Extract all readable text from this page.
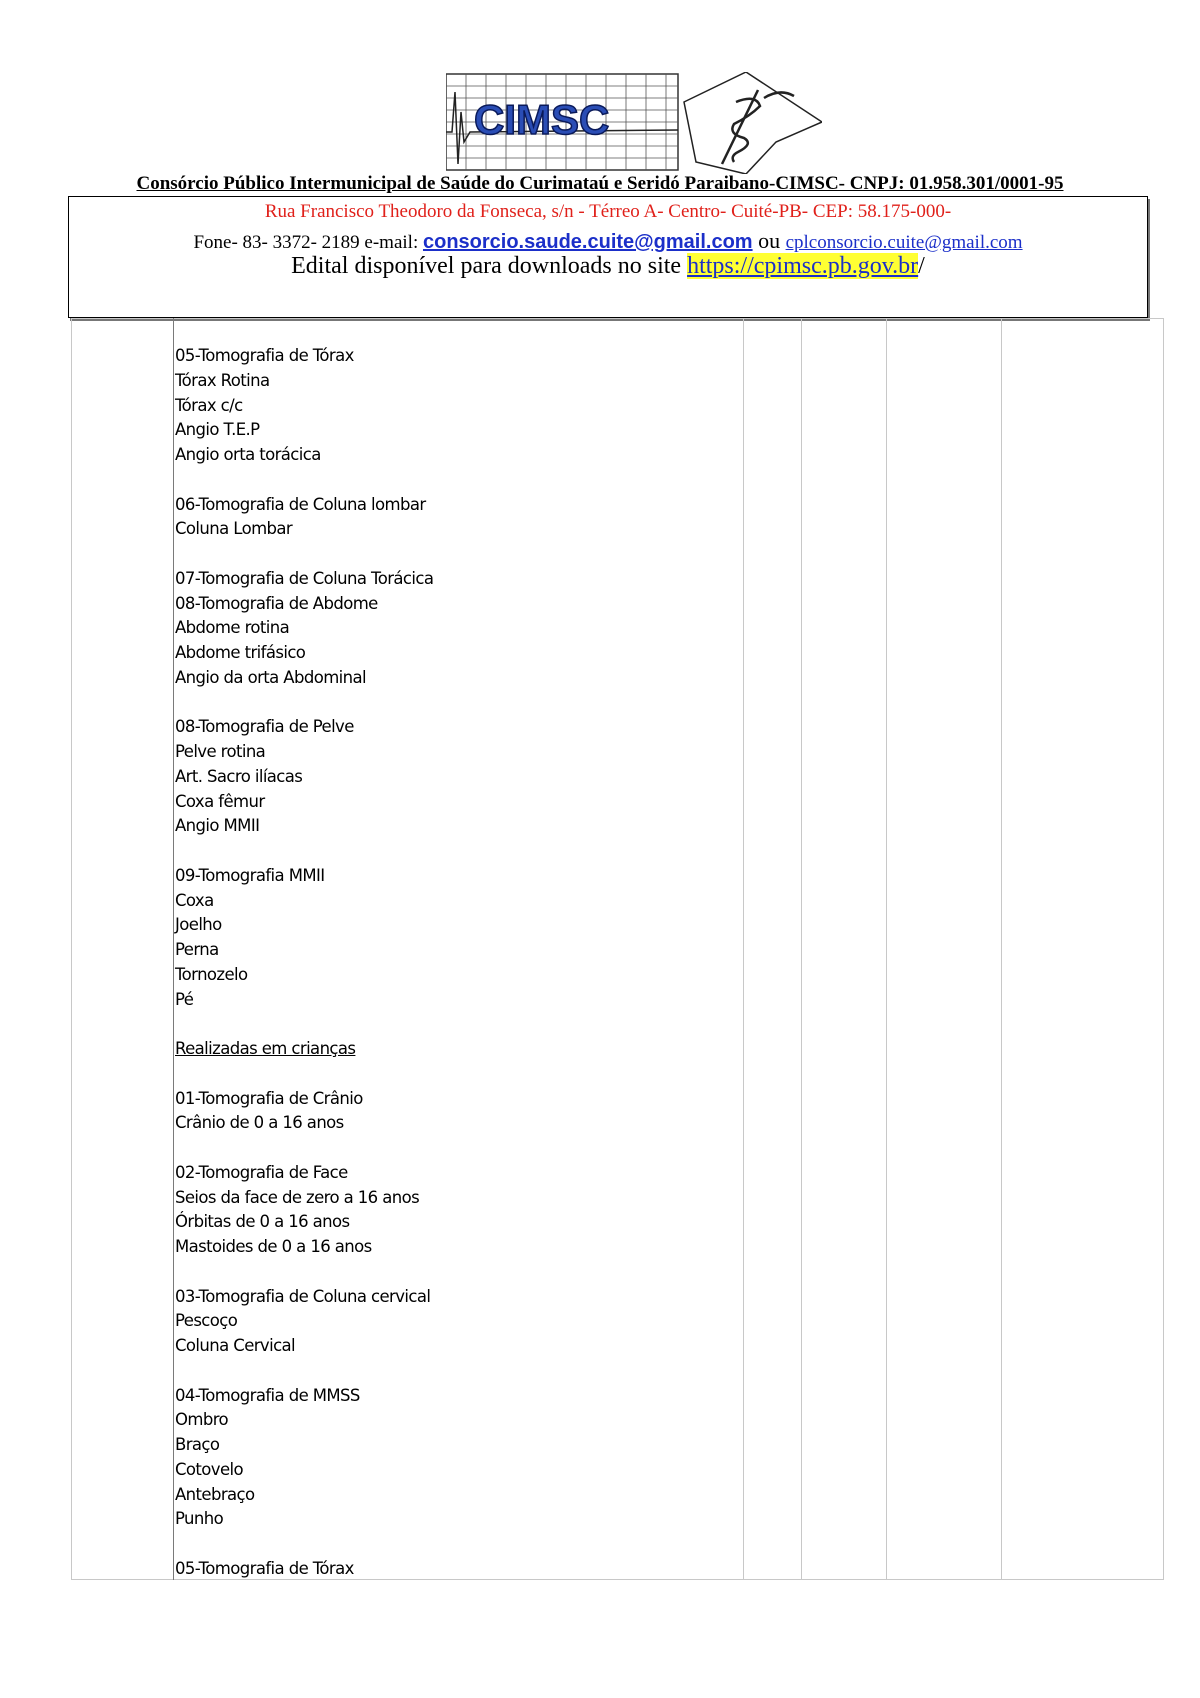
CIMSC
Consórcio Público Intermunicipal de Saúde do Curimataú e Seridó Paraibano-CIMSC- CNPJ: 01.958.301/0001-95
Rua Francisco Theodoro da Fonseca, s/n - Térreo A- Centro- Cuité-PB- CEP: 58.175-000-
Fone- 83- 3372- 2189 e-mail: consorcio.saude.cuite@gmail.com ou cplconsorcio.cuite@gmail.com
Edital disponível para downloads no site https://cpimsc.pb.gov.br/
05-Tomografia de Tórax
Tórax Rotina
Tórax c/c
Angio T.E.P
Angio orta torácica
06-Tomografia de Coluna lombar
Coluna Lombar
07-Tomografia de Coluna Torácica
08-Tomografia de Abdome
Abdome rotina
Abdome trifásico
Angio da orta Abdominal
08-Tomografia de Pelve
Pelve rotina
Art. Sacro ilíacas
Coxa fêmur
Angio MMII
09-Tomografia MMII
Coxa
Joelho
Perna
Tornozelo
Pé
Realizadas em crianças
01-Tomografia de Crânio
Crânio de 0 a 16 anos
02-Tomografia de Face
Seios da face de zero a 16 anos
Órbitas de 0 a 16 anos
Mastoides de 0 a 16 anos
03-Tomografia de Coluna cervical
Pescoço
Coluna Cervical
04-Tomografia de MMSS
Ombro
Braço
Cotovelo
Antebraço
Punho
05-Tomografia de Tórax
